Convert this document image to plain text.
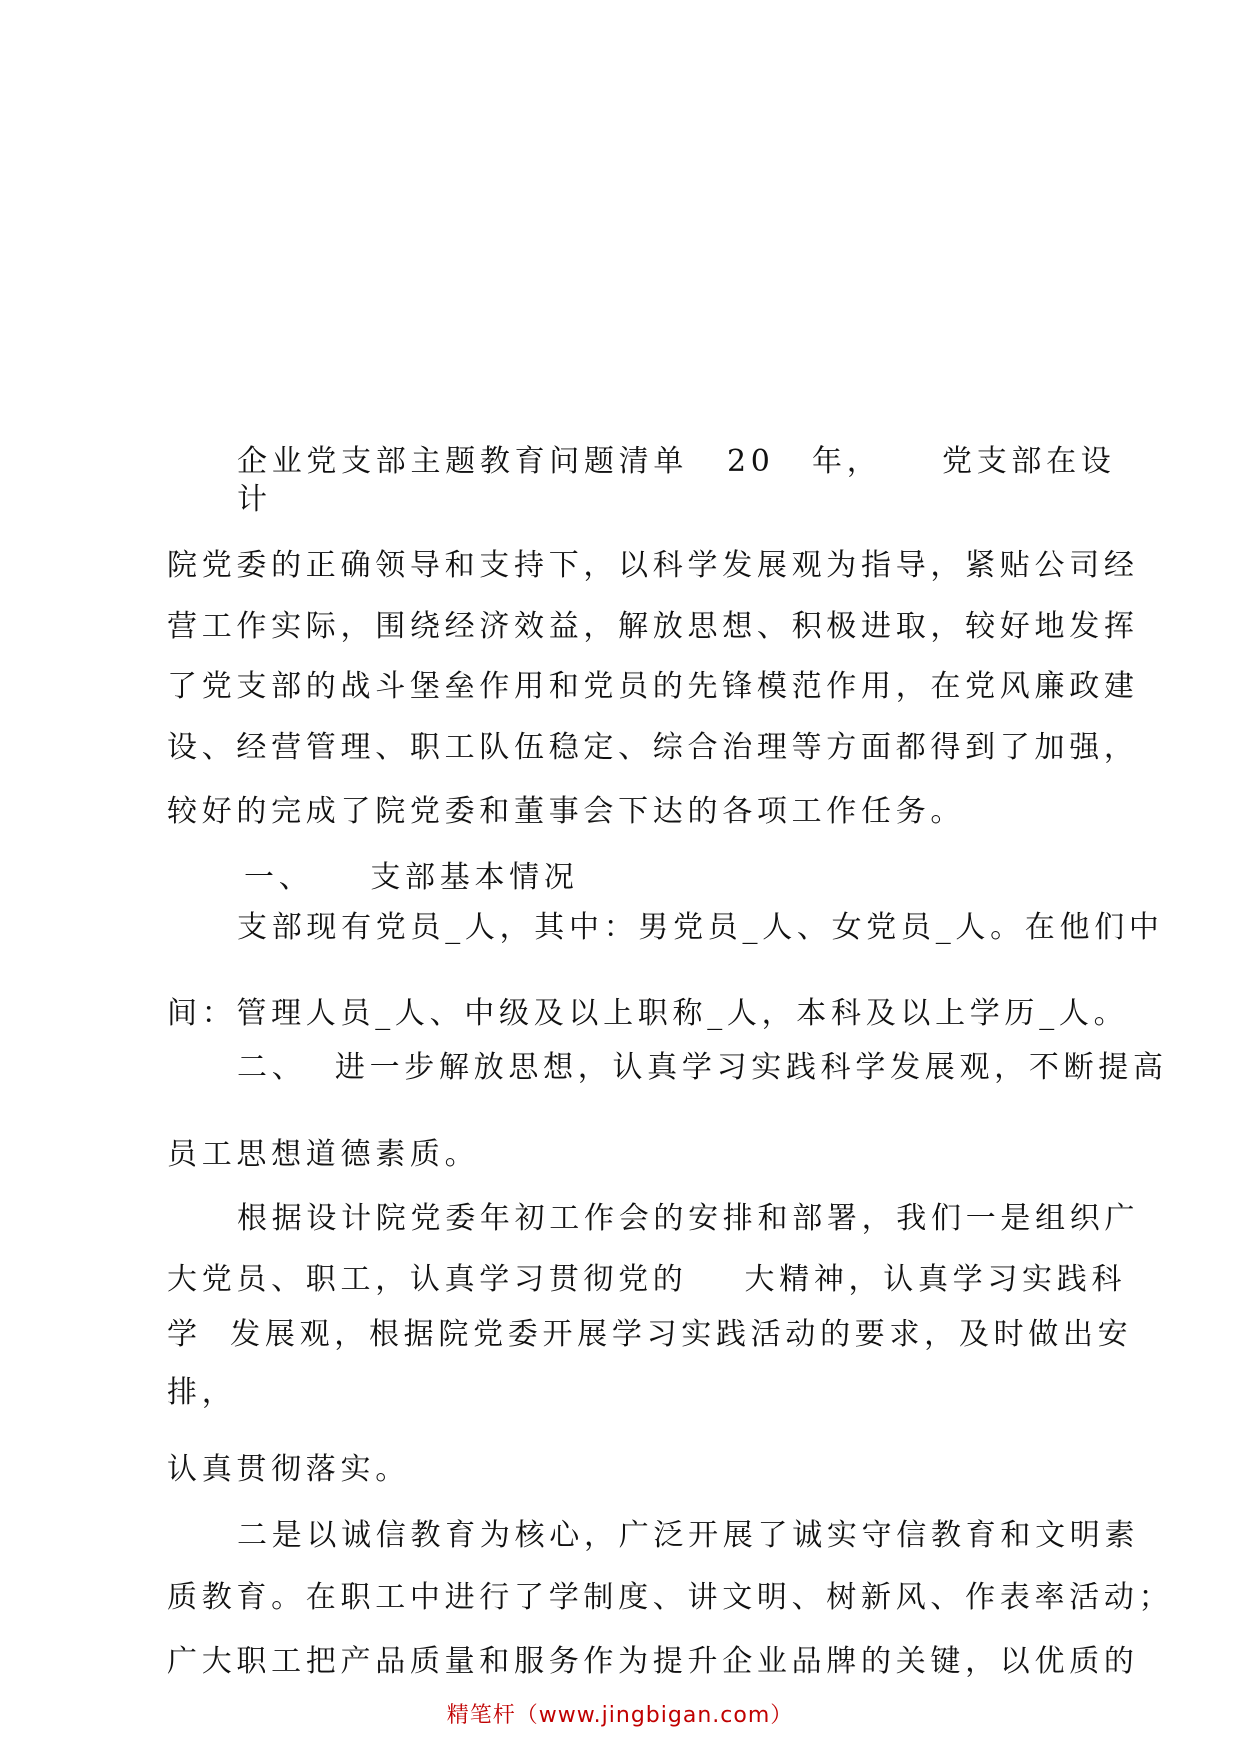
企业党支部主题教育问题清单 20 年， 党支部在设
计
院党委的正确领导和支持下，以科学发展观为指导，紧贴公司经
营工作实际，围绕经济效益，解放思想、积极进取，较好地发挥
了党支部的战斗堡垒作用和党员的先锋模范作用，在党风廉政建
设、经营管理、职工队伍稳定、综合治理等方面都得到了加强，
较好的完成了院党委和董事会下达的各项工作任务。
一、    支部基本情况
支部现有党员_人，其中：男党员_人、女党员_人。在他们中
间：管理人员_人、中级及以上职称_人，本科及以上学历_人。
二、  进一步解放思想，认真学习实践科学发展观，不断提高
员工思想道德素质。
根据设计院党委年初工作会的安排和部署，我们一是组织广
大党员、职工，认真学习贯彻党的    大精神，认真学习实践科
学  发展观，根据院党委开展学习实践活动的要求，及时做出安
排，
认真贯彻落实。
二是以诚信教育为核心，广泛开展了诚实守信教育和文明素
质教育。在职工中进行了学制度、讲文明、树新风、作表率活动；
广大职工把产品质量和服务作为提升企业品牌的关键，以优质的
精笔杆（www.jingbigan.com）
